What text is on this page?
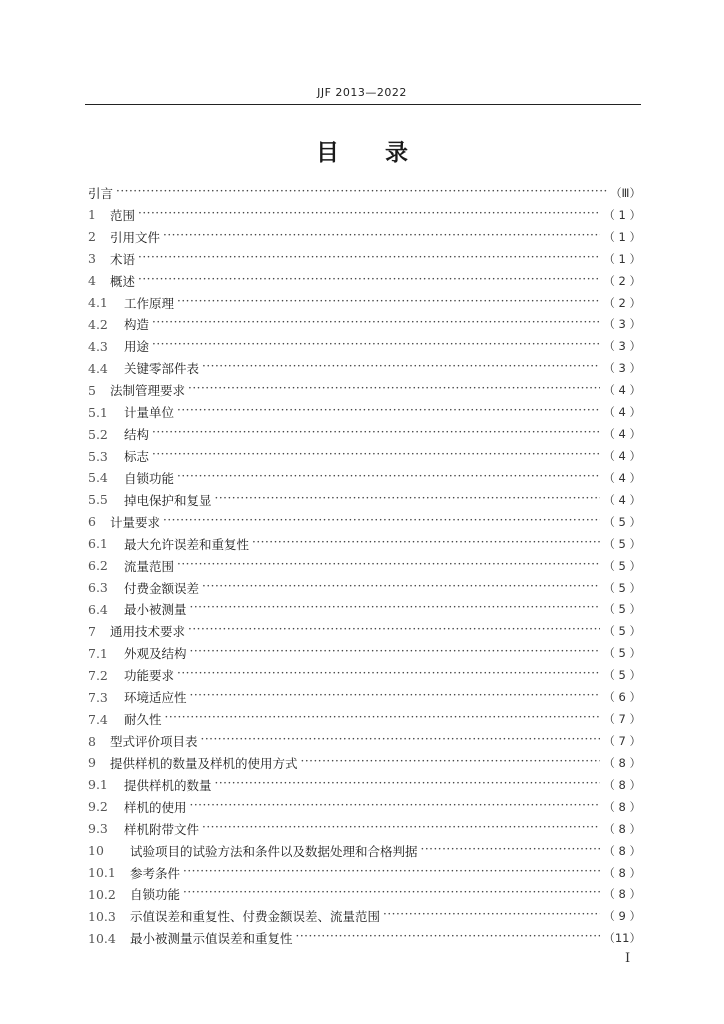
JJF 2013—2022
目　　录
引言 ·····	（Ⅲ）
1	范围 ·····	（ 1 ）
2	引用文件 ·····	（ 1 ）
3	术语 ·····	（ 1 ）
4	概述 ·····	（ 2 ）
4.1	工作原理 ·····	（ 2 ）
4.2	构造 ·····	（ 3 ）
4.3	用途 ·····	（ 3 ）
4.4	关键零部件表 ·····	（ 3 ）
5	法制管理要求 ·····	（ 4 ）
5.1	计量单位 ·····	（ 4 ）
5.2	结构 ·····	（ 4 ）
5.3	标志 ·····	（ 4 ）
5.4	自锁功能 ·····	（ 4 ）
5.5	掉电保护和复显 ·····	（ 4 ）
6	计量要求 ·····	（ 5 ）
6.1	最大允许误差和重复性 ·····	（ 5 ）
6.2	流量范围 ·····	（ 5 ）
6.3	付费金额误差 ·····	（ 5 ）
6.4	最小被测量 ·····	（ 5 ）
7	通用技术要求 ·····	（ 5 ）
7.1	外观及结构 ·····	（ 5 ）
7.2	功能要求 ·····	（ 5 ）
7.3	环境适应性 ·····	（ 6 ）
7.4	耐久性 ·····	（ 7 ）
8	型式评价项目表 ·····	（ 7 ）
9	提供样机的数量及样机的使用方式 ·····	（ 8 ）
9.1	提供样机的数量 ·····	（ 8 ）
9.2	样机的使用 ·····	（ 8 ）
9.3	样机附带文件 ·····	（ 8 ）
10	试验项目的试验方法和条件以及数据处理和合格判据 ·····	（ 8 ）
10.1	参考条件 ·····	（ 8 ）
10.2	自锁功能 ·····	（ 8 ）
10.3	示值误差和重复性、付费金额误差、流量范围 ·····	（ 9 ）
10.4	最小被测量示值误差和重复性 ·····	（11）
I
